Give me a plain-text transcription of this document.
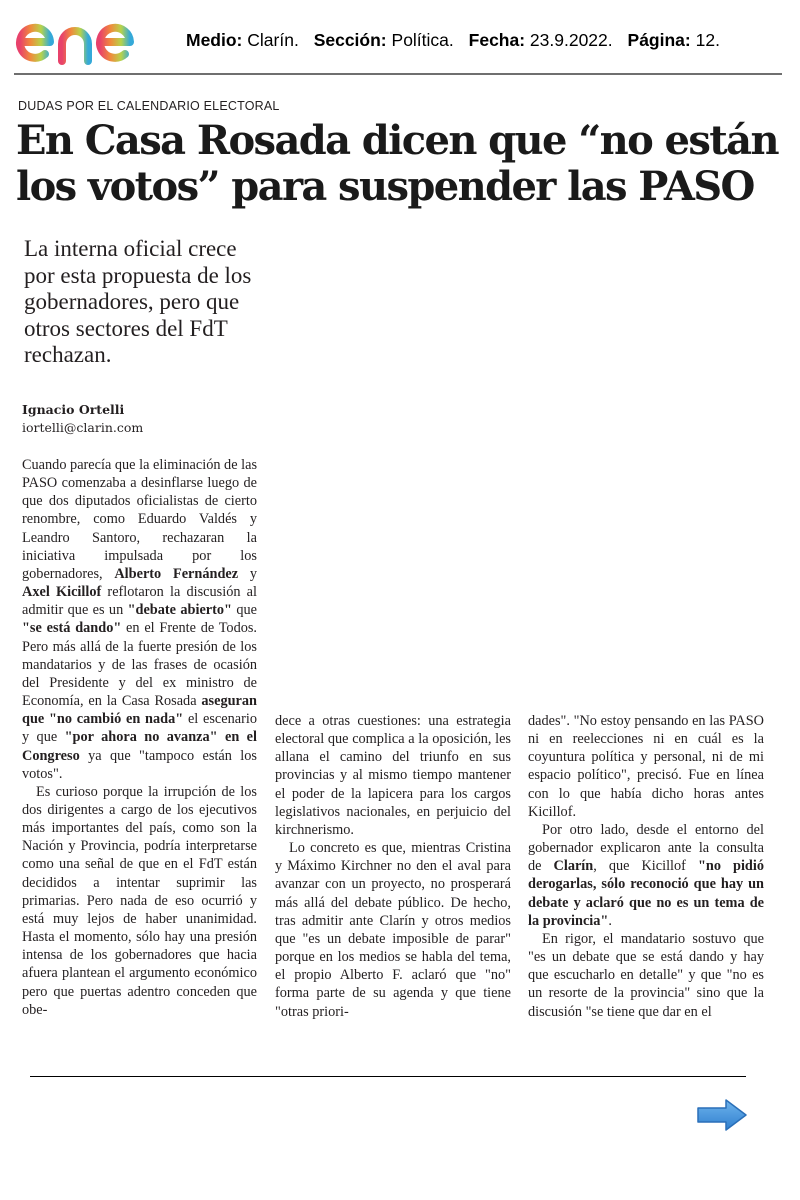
Medio: Clarín. Sección: Política. Fecha: 23.9.2022. Página: 12.
DUDAS POR EL CALENDARIO ELECTORAL
En Casa Rosada dicen que “no están los votos” para suspender las PASO

La interna oficial crece por esta propuesta de los gobernadores, pero que otros sectores del FdT rechazan.

Ignacio Ortelli
iortelli@clarin.com

Cuando parecía que la eliminación de las PASO comenzaba a desinflarse luego de que dos diputados oficialistas de cierto renombre, como Eduardo Valdés y Leandro Santoro, rechazaran la iniciativa impulsada por los gobernadores, Alberto Fernández y Axel Kicillof reflotaron la discusión al admitir que es un "debate abierto" que "se está dando" en el Frente de Todos. Pero más allá de la fuerte presión de los mandatarios y de las frases de ocasión del Presidente y del ex ministro de Economía, en la Casa Rosada aseguran que "no cambió en nada" el escenario y que "por ahora no avanza" en el Congreso ya que "tampoco están los votos".

Es curioso porque la irrupción de los dos dirigentes a cargo de los ejecutivos más importantes del país, como son la Nación y Provincia, podría interpretarse como una señal de que en el FdT están decididos a intentar suprimir las primarias. Pero nada de eso ocurrió y está muy lejos de haber unanimidad. Hasta el momento, sólo hay una presión intensa de los gobernadores que hacia afuera plantean el argumento económico pero que puertas adentro conceden que obe-

dece a otras cuestiones: una estrategia electoral que complica a la oposición, les allana el camino del triunfo en sus provincias y al mismo tiempo mantener el poder de la lapicera para los cargos legislativos nacionales, en perjuicio del kirchnerismo.

Lo concreto es que, mientras Cristina y Máximo Kirchner no den el aval para avanzar con un proyecto, no prosperará más allá del debate público. De hecho, tras admitir ante Clarín y otros medios que "es un debate imposible de parar" porque en los medios se habla del tema, el propio Alberto F. aclaró que "no" forma parte de su agenda y que tiene "otras priori-

dades". "No estoy pensando en las PASO ni en reelecciones ni en cuál es la coyuntura política y personal, ni de mi espacio político", precisó. Fue en línea con lo que había dicho horas antes Kicillof.

Por otro lado, desde el entorno del gobernador explicaron ante la consulta de Clarín, que Kicillof "no pidió derogarlas, sólo reconoció que hay un debate y aclaró que no es un tema de la provincia".

En rigor, el mandatario sostuvo que "es un debate que se está dando y hay que escucharlo en detalle" y que "no es un resorte de la provincia" sino que la discusión "se tiene que dar en el
